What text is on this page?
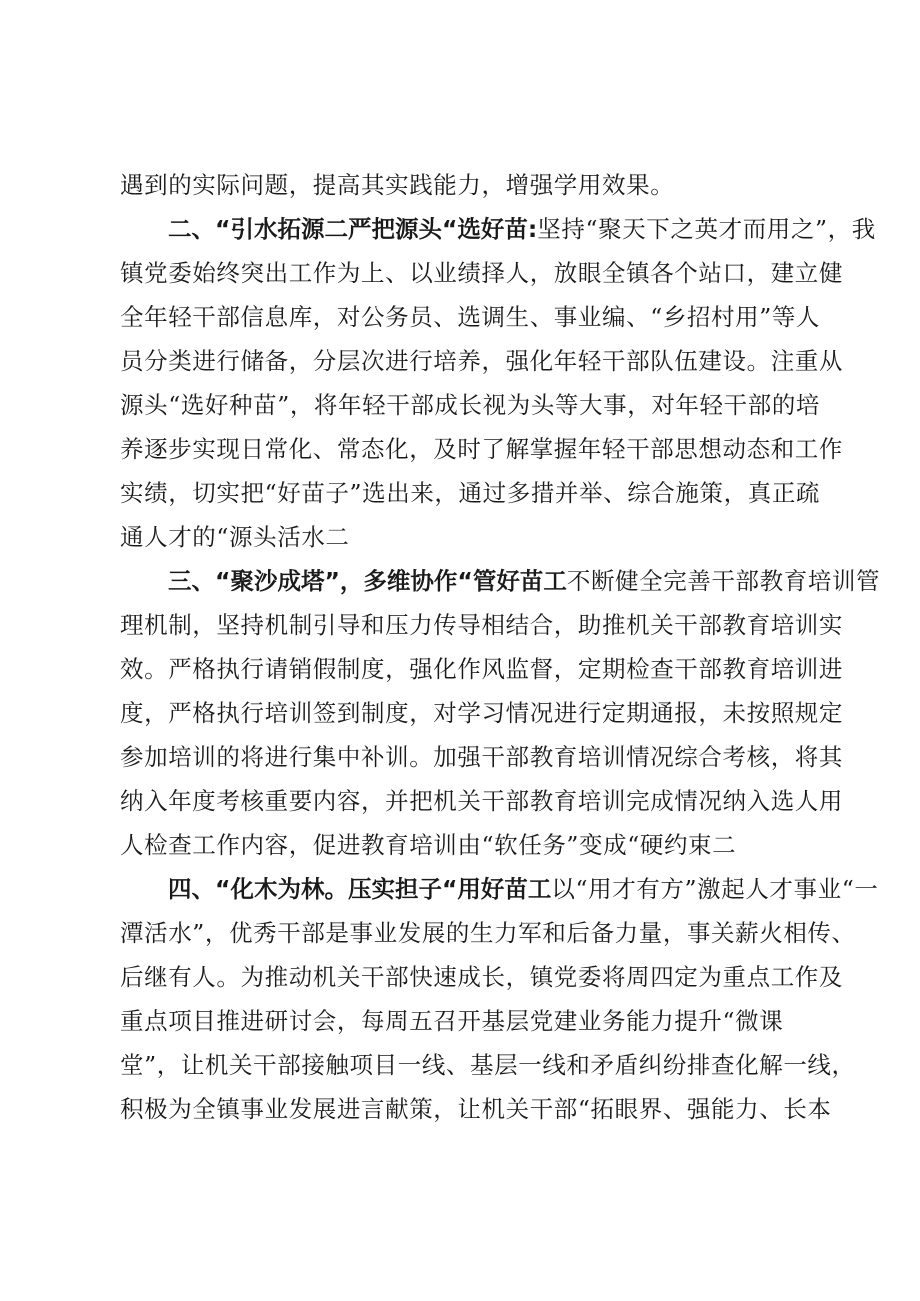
遇到的实际问题，提高其实践能力，增强学用效果。
二、“引水拓源二严把源头“选好苗:坚持“聚天下之英才而用之”，我
镇党委始终突出工作为上、以业绩择人，放眼全镇各个站口，建立健
全年轻干部信息库，对公务员、选调生、事业编、“乡招村用”等人
员分类进行储备，分层次进行培养，强化年轻干部队伍建设。注重从
源头“选好种苗”，将年轻干部成长视为头等大事，对年轻干部的培
养逐步实现日常化、常态化，及时了解掌握年轻干部思想动态和工作
实绩，切实把“好苗子”选出来，通过多措并举、综合施策，真正疏
通人才的“源头活水二
三、“聚沙成塔”，多维协作“管好苗工不断健全完善干部教育培训管
理机制，坚持机制引导和压力传导相结合，助推机关干部教育培训实
效。严格执行请销假制度，强化作风监督，定期检查干部教育培训进
度，严格执行培训签到制度，对学习情况进行定期通报，未按照规定
参加培训的将进行集中补训。加强干部教育培训情况综合考核，将其
纳入年度考核重要内容，并把机关干部教育培训完成情况纳入选人用
人检查工作内容，促进教育培训由“软任务”变成“硬约束二
四、“化木为林。压实担子“用好苗工以“用才有方”激起人才事业“一
潭活水”，优秀干部是事业发展的生力军和后备力量，事关薪火相传、
后继有人。为推动机关干部快速成长，镇党委将周四定为重点工作及
重点项目推进研讨会，每周五召开基层党建业务能力提升“微课
堂”，让机关干部接触项目一线、基层一线和矛盾纠纷排查化解一线，
积极为全镇事业发展进言献策，让机关干部“拓眼界、强能力、长本
